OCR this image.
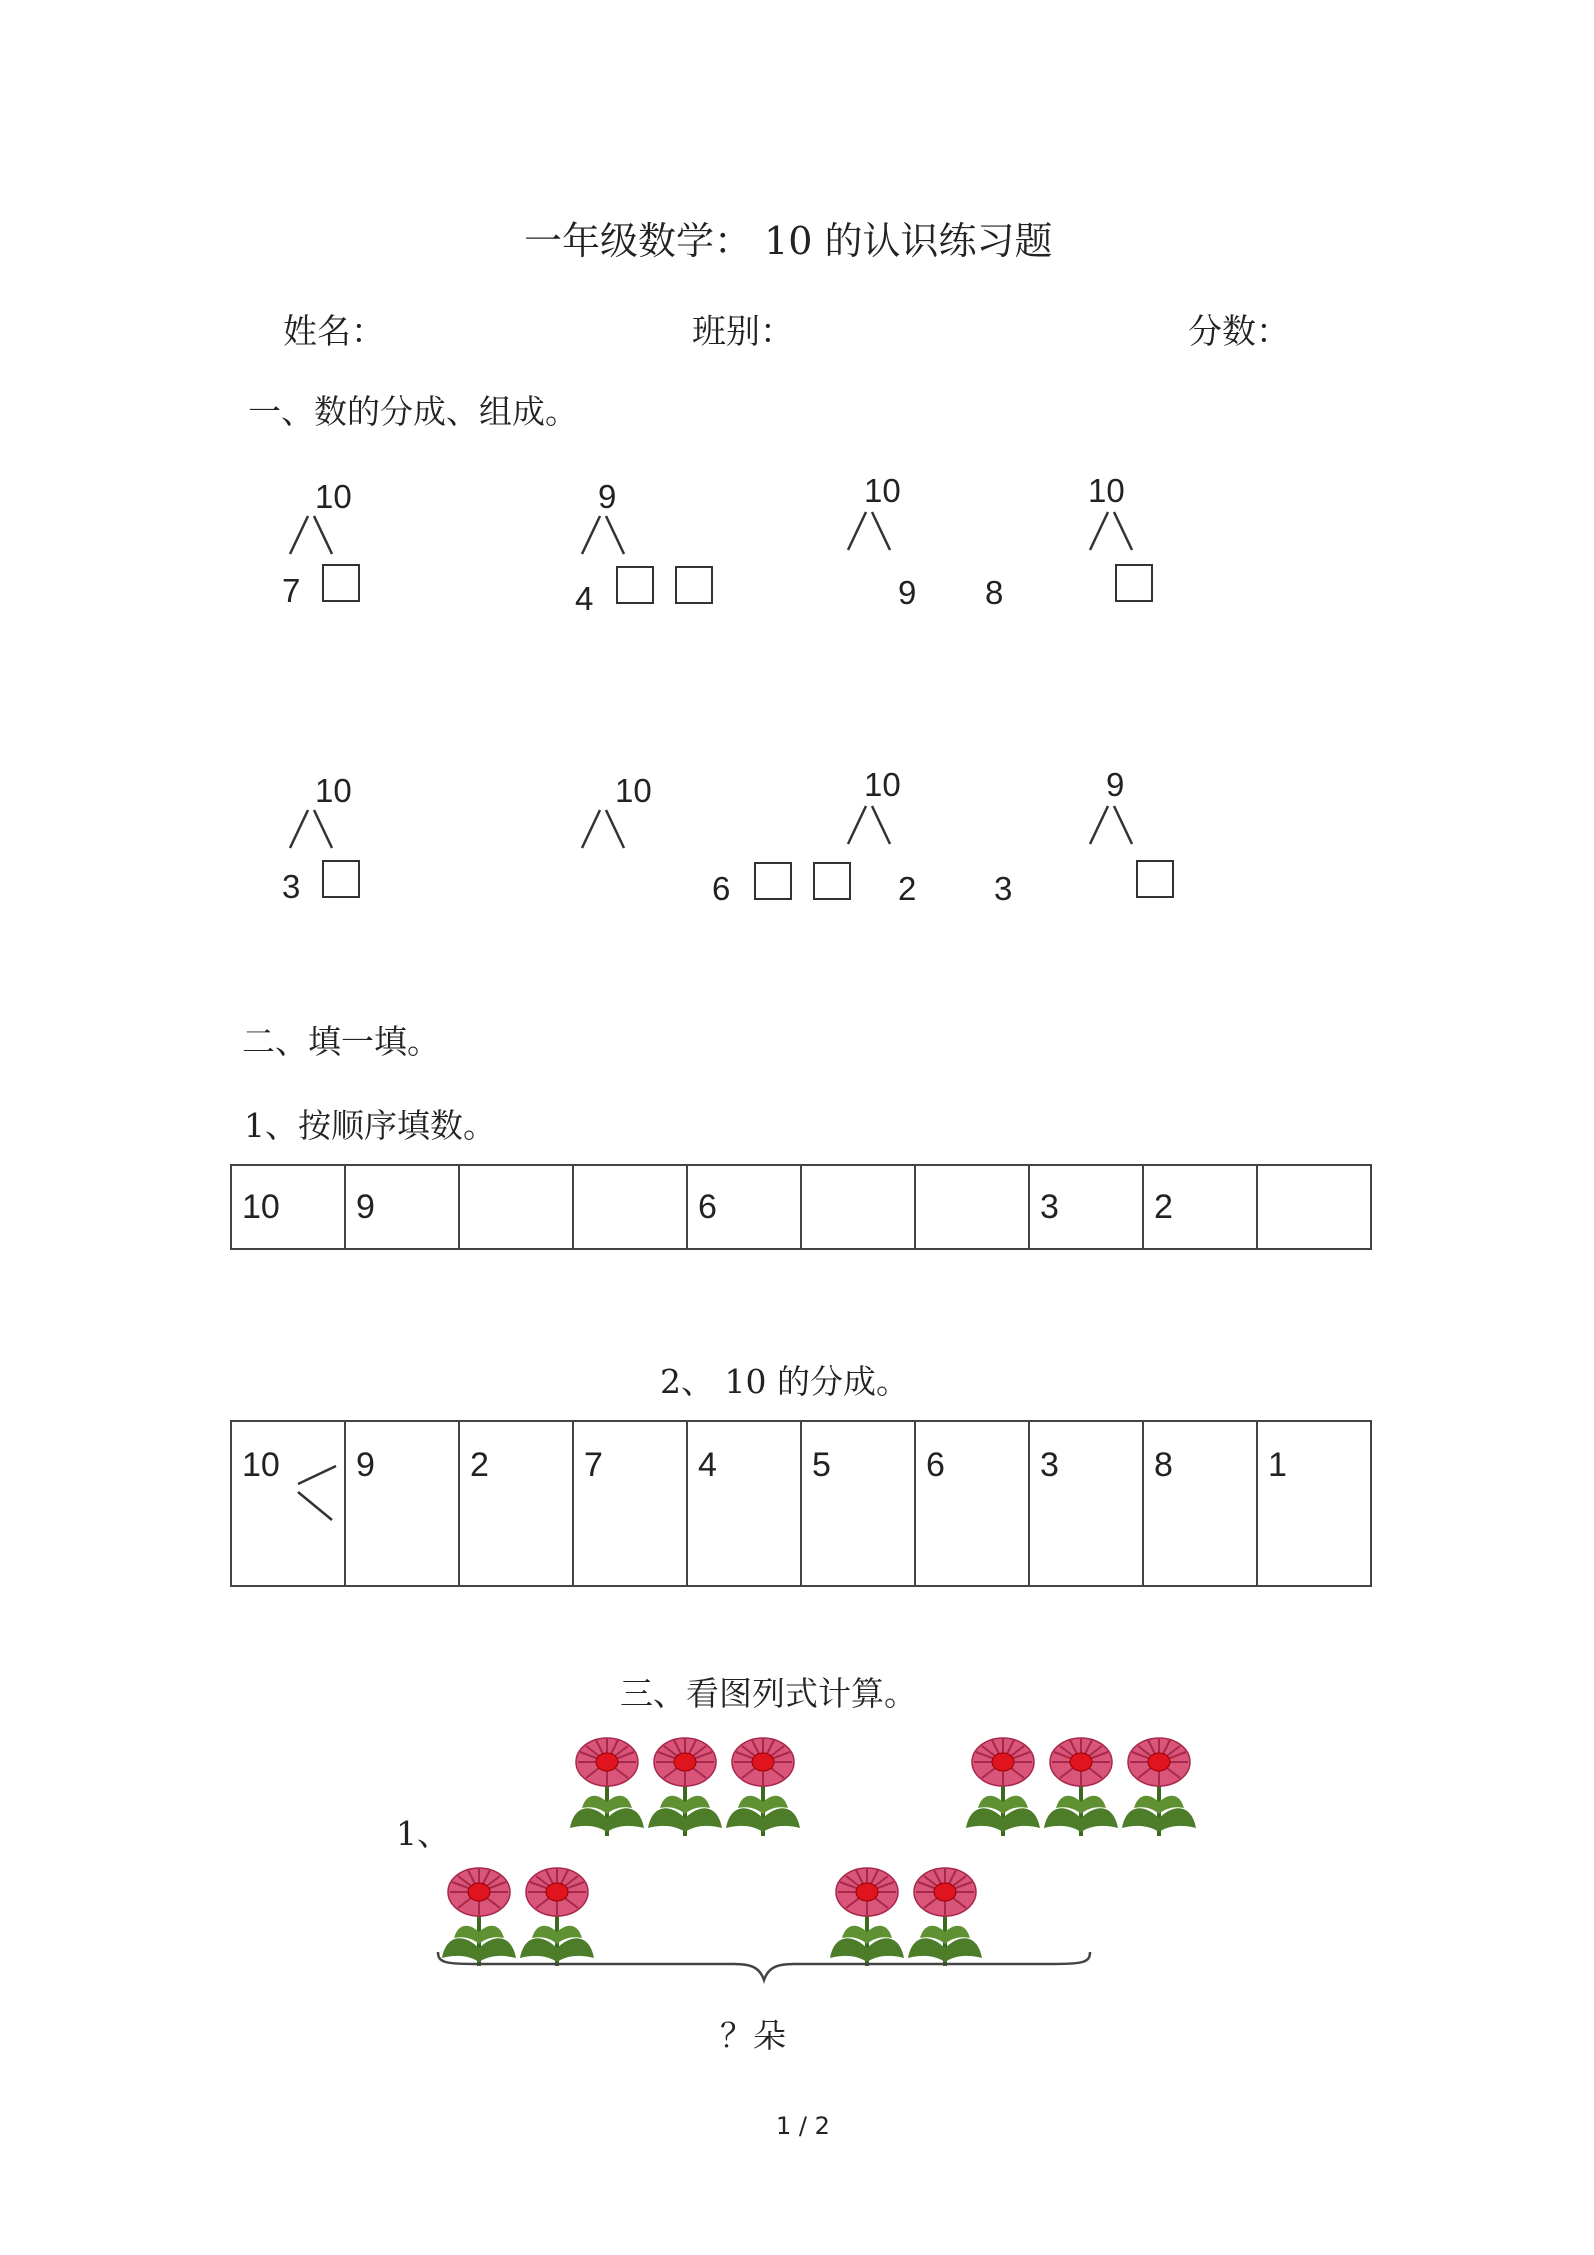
一年级数学： 10 的认识练习题
姓名：	班别：	分数：
一、数的分成、组成。
10
7
9
4
10
9 8
10
10
3
10
6
10
2 3
9
二、填一填。
1、按顺序填数。
10	9			6			3	2	
2、 10 的分成。
10	9	2	7	4	5	6	3	8	1
三、看图列式计算。
1、
？朵
1 / 2
